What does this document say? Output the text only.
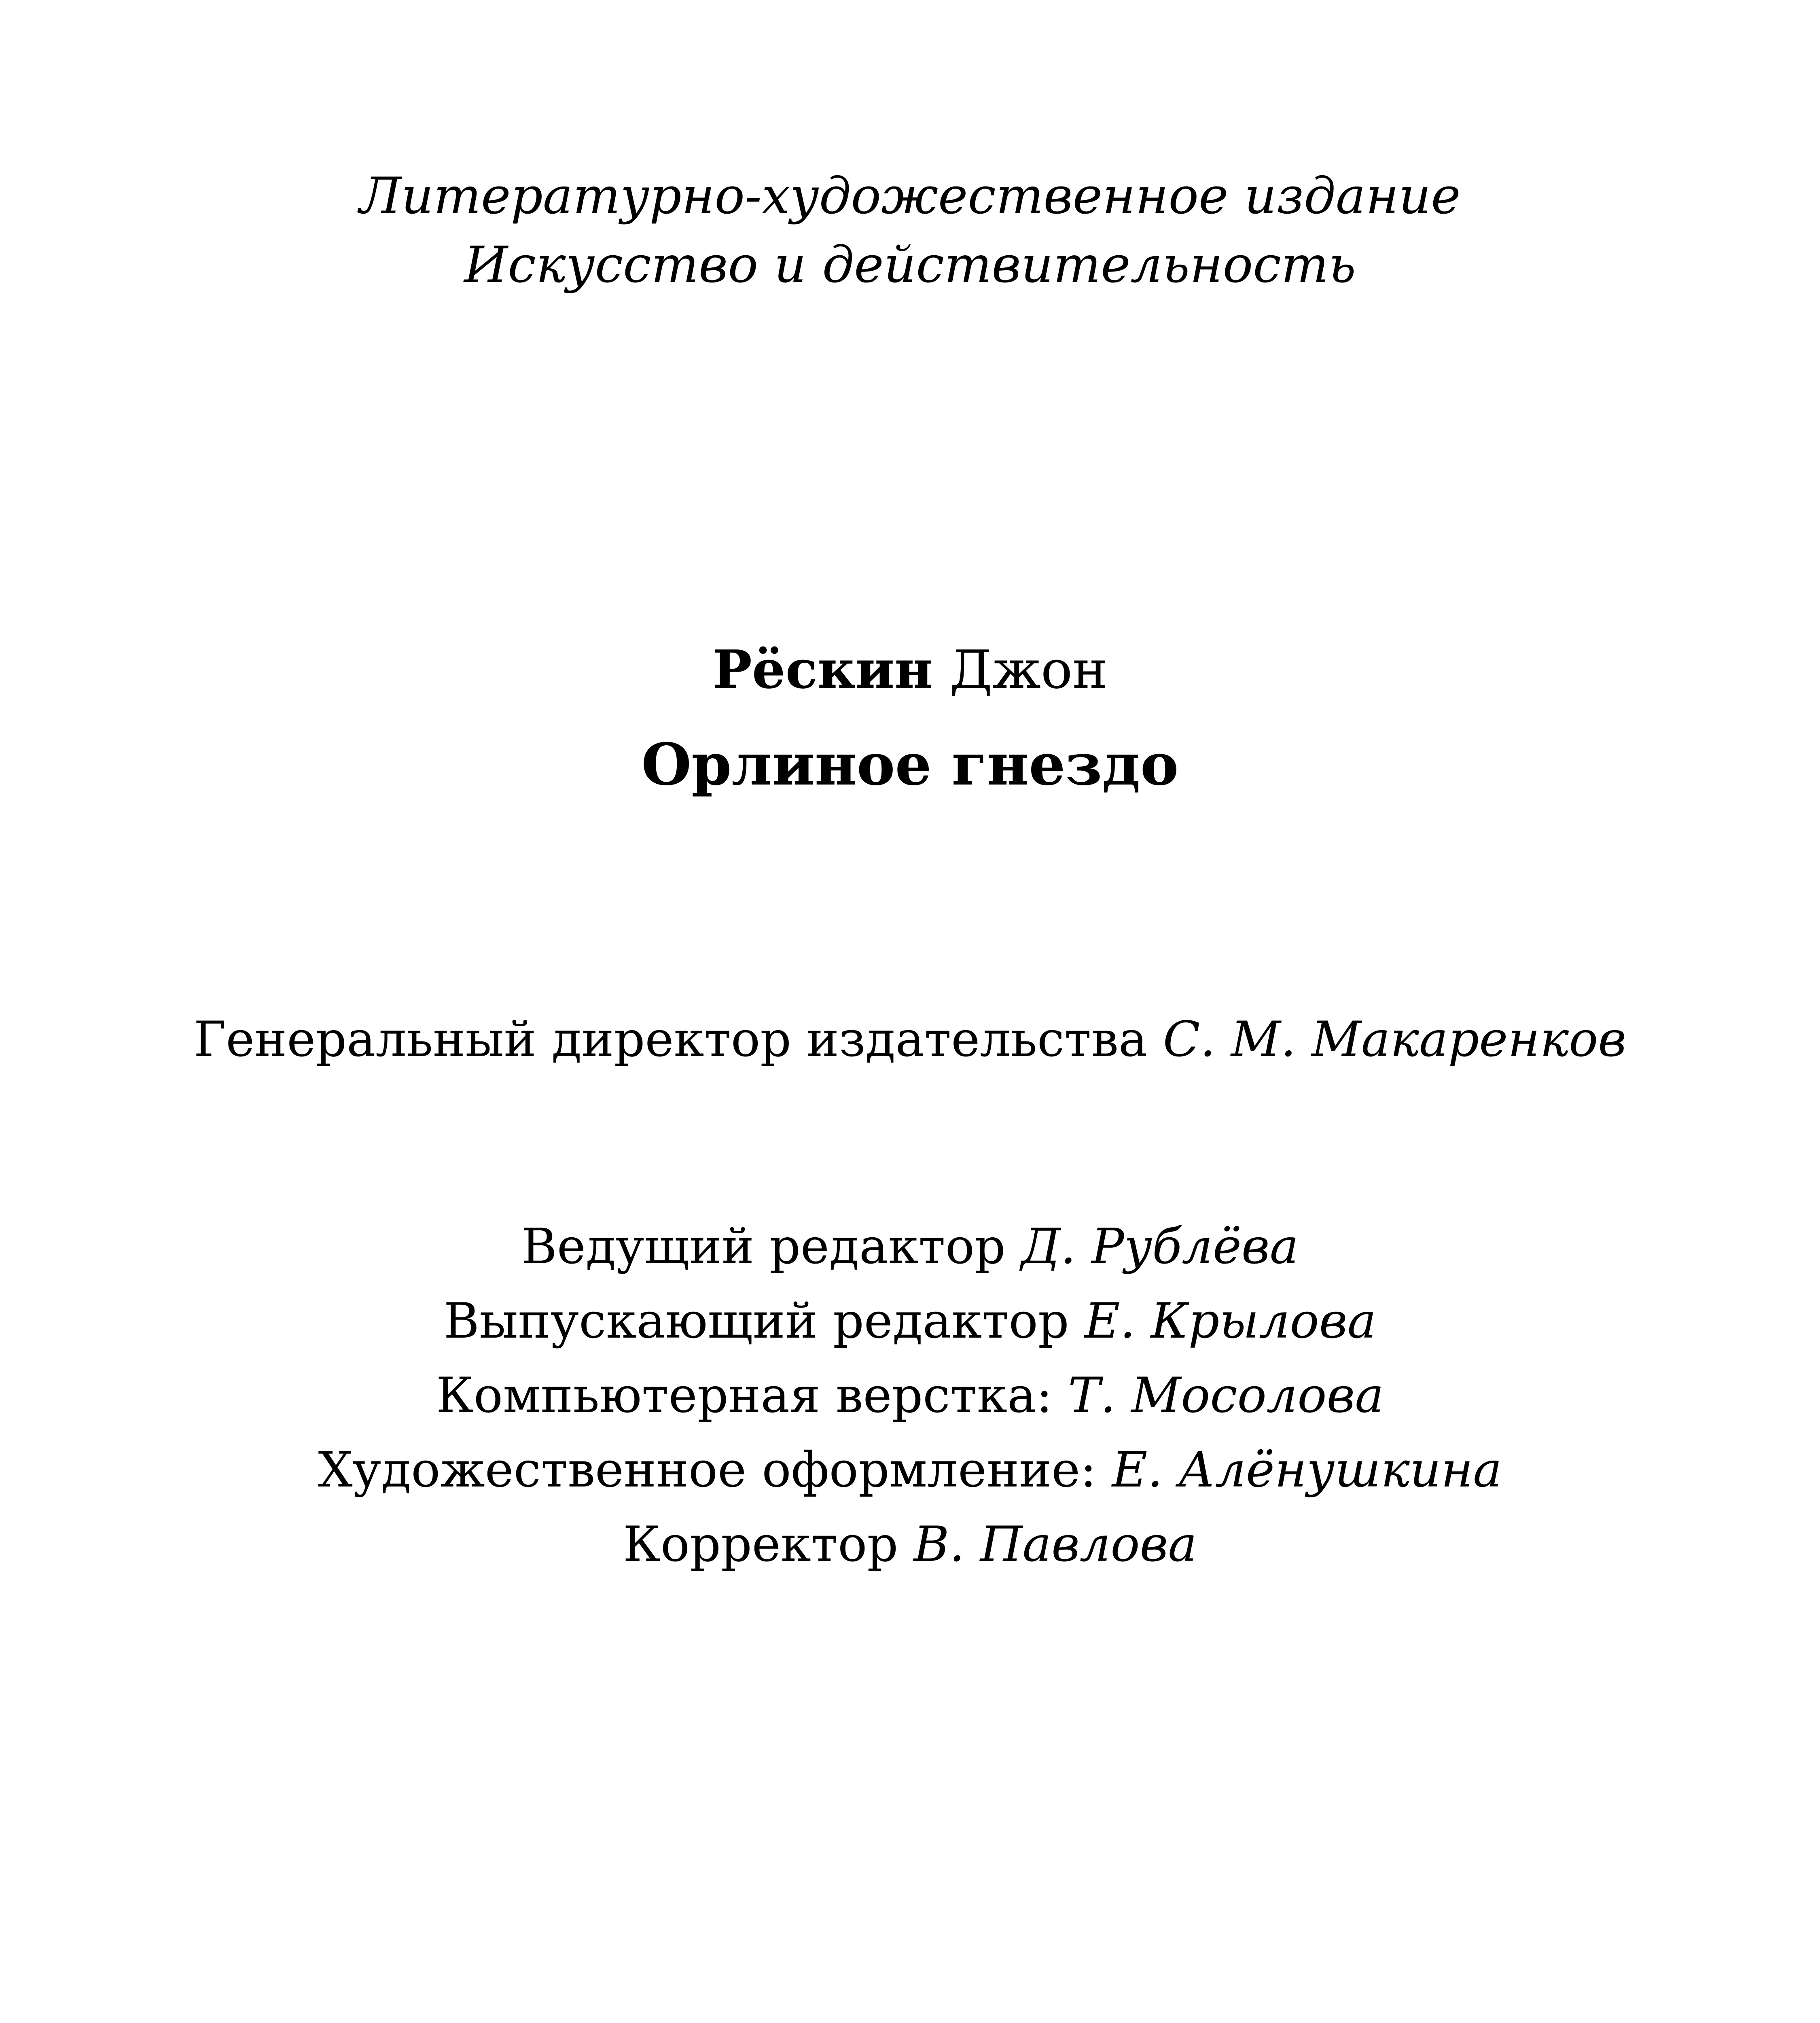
Литературно-художественное издание
Искусство и действительность
Рёскин Джон
Орлиное гнездо
Генеральный директор издательства С. М. Макаренков
Ведущий редактор Д. Рублёва
Выпускающий редактор Е. Крылова
Компьютерная верстка: Т. Мосолова
Художественное оформление: Е. Алёнушкина
Корректор В. Павлова
